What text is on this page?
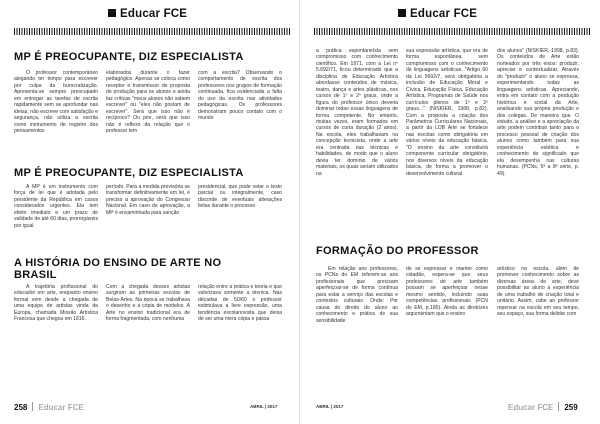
Educar FCE
MP É PREOCUPANTE, DIZ ESPECIALISTA

O professor contemporâneo alegando ter tempo para escrever por culpa da burocratização. Apresenta-se sempre preocupado em entregar as tarefas de escrita rapidamente sem se aprofundar nas ideias, não escreve com satisfação e segurança, não utiliza a escrita como instrumento de registro dos pensamentos

elaborados durante o fazer pedagógico. Apenas se coloca como receptor e transmissor de proposta de produção para os alunos e ainda faz críticas "meus alunos não sabem escrever" ou "eles não gostam de escrever". Será que isso não é recíproco? Ou pior, será que isso não é reflexo da relação que o professor tem

com a escrita? Observando o comportamento de escrita dos professores nos grupos de formação continuada, fica evidenciada a falta do uso da escrita nas atividades pedagógicas. Os professores demonstram pouco contato com o mundo

MP É PREOCUPANTE, DIZ ESPECIALISTA

A MP é um instrumento com força de lei que é adotada pelo presidente da República em casos considerados urgentes. Ela tem efeito imediato e um prazo de validade de até 60 dias, prorrogáveis por igual

período. Para a medida provisória se transformar definitivamente em lei, é preciso a aprovação do Congresso Nacional. Em caso de aprovação, a MP é encaminhada para sanção

presidencial, que pode vetar o texto parcial ou integralmente, caso discorde de eventuais alterações feitas durante o processo.

A HISTÓRIA DO ENSINO DE ARTE NO BRASIL

A trajetória profissional do educador em arte, enquanto ensino formal vem desde a chegada de uma equipe de artistas vinda da Europa, chamada Missão Artística Francesa que chegou em 1816.

Com a chegada desses artistas surgiram as primeiras escolas de Belas-Artes. Na época se trabalhava o desenho e a cópia de modelos. A Arte no ensino tradicional era de forma fragmentada, com nenhuma

relação entre a prática e teoria e que valorizava somente a técnica. Nas décadas de 50/60 o professor estimulava a livre expressão, uma tendência escolanovista que deixa de ser uma mera cópia e passa

258 Educar FCE	ABRIL | 2017
Educar FCE

a prática espontaneísta sem compromisso com conhecimento científico. Em 1971, com a Lei nº 5.692/71, ficou determinado que a disciplina de Educação Artística abordasse conteúdos de música, teatro, dança e artes plásticas, nos cursos de 1º e 2º graus, onde a figura do professor único deveria dominar todas essas linguagens de forma competente. No entanto, muitas vezes, eram formados em cursos de curta duração (2 anos). Na escola, eles trabalhavam na concepção tecnicista, onde a arte era centrada nas técnicas e habilidades, de modo que o aluno devia ter domínio de vários materiais, os quais seriam utilizados na

sua expressão artística, que era de forma espontânea, sem compromisso com o conhecimento de linguagens artísticas. "Artigo 60 da Lei 5692/7, será obrigatória a inclusão de Educação Moral e Cívica, Educação Física, Educação Artística, Programas de Saúde nos currículos plenos de 1º e 2º graus..." (NISKIER, 1988, p.82). Com a proposta a criação dos Parâmetros Curriculares Nacionais, a partir da LDB Arte se fortalece nas escolas como obrigatória em vários níveis da educação básica. "O ensino da arte constituirá componente curricular obrigatório, nos diversos níveis da educação básica, de forma a promover o desenvolvimento cultural

dos alunos" (NISKIER, 1998, p.83). Os conteúdos de Arte estão norteados por três eixos: produzir, apreciar e contextualizar. Através do "produzir" o aluno se expressa, experimentando todas as linguagens artísticas. Apreciando, entra em contato com a produção histórica e social da Arte, analisando sua própria produção e dos colegas. De maneira que. O estudo, a análise e a apreciação da arte podem contribuir tanto para o processo pessoal de criação dos alunos como também para sua experiência estética e conhecimento do significado que ela desempenha nas culturas humanas. (PCNs, 5ª a 8ª série, p. 49).

FORMAÇÃO DO PROFESSOR

Em relação aos professores, os PCNs do EM referem-se aos profissionais que precisam aperfeiçoar-se de forma contínua para estar a serviço das escolas e contextos culturais. Onde: Por causa do direito do aluno ao conhecimento e prática de sua sensibilidade

de se expressar e manter como cidadão, espera-se que seus professores de arte também possam se aperfeiçoar nesse mesmo sentido, incluindo suas competências profissionais (PCN do EM, p.180). Ainda as diretrizes argumentam que o ensino

artístico na escola, além de promover conhecimento sobre as diversas áreas de arte, deve possibilitar ao aluno a experiência de uma trabalho de criação total e unitário. Assim, cabe ao professor repensar na escola em seu tempo, seu espaço, sua forma delidar com

ABRIL | 2017	Educar FCE 259
